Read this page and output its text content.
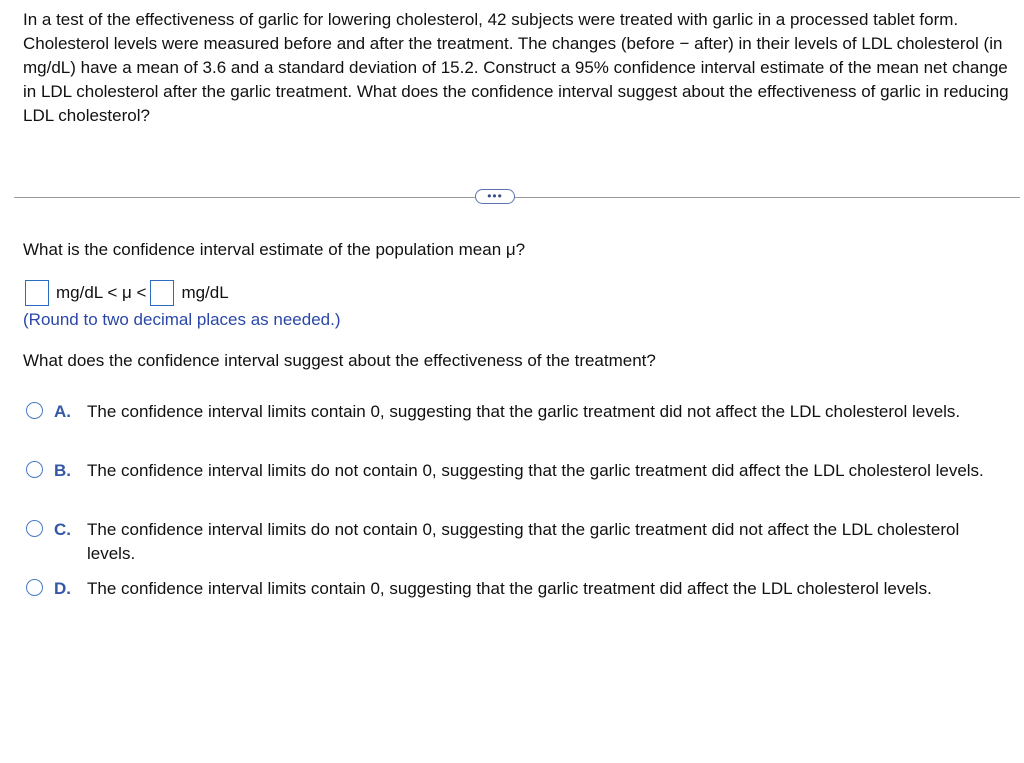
In a test of the effectiveness of garlic for lowering cholesterol, 42 subjects were treated with garlic in a processed tablet form. Cholesterol levels were measured before and after the treatment. The changes (before − after) in their levels of LDL cholesterol (in mg/dL) have a mean of 3.6 and a standard deviation of 15.2. Construct a 95% confidence interval estimate of the mean net change in LDL cholesterol after the garlic treatment. What does the confidence interval suggest about the effectiveness of garlic in reducing LDL cholesterol?

•••

What is the confidence interval estimate of the population mean μ?

mg/dL < μ < mg/dL

(Round to two decimal places as needed.)

What does the confidence interval suggest about the effectiveness of the treatment?

A. The confidence interval limits contain 0, suggesting that the garlic treatment did not affect the LDL cholesterol levels.
B. The confidence interval limits do not contain 0, suggesting that the garlic treatment did affect the LDL cholesterol levels.
C. The confidence interval limits do not contain 0, suggesting that the garlic treatment did not affect the LDL cholesterol levels.
D. The confidence interval limits contain 0, suggesting that the garlic treatment did affect the LDL cholesterol levels.
